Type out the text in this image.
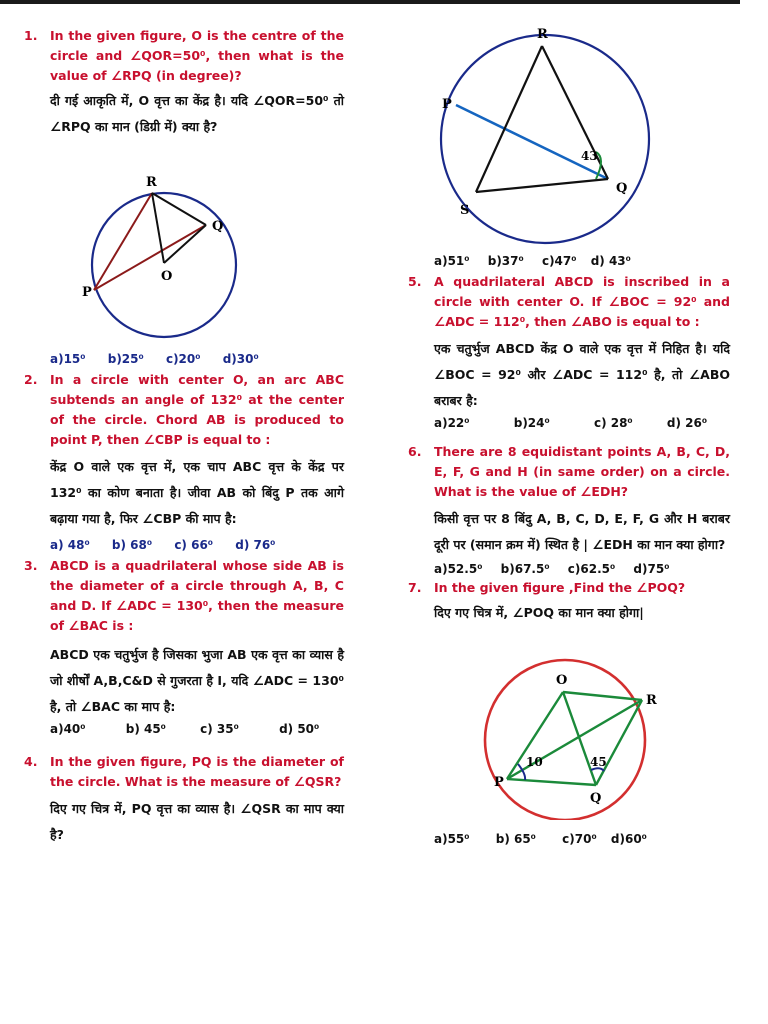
1.	In the given figure, O is the centre of the circle and ∠QOR=50⁰, then what is the value of ∠RPQ (in degree)?
दी गई आकृति में, O वृत्त का केंद्र है। यदि ∠QOR=50⁰ तो ∠RPQ का मान (डिग्री में) क्या है?
R
Q
O
P
a)15⁰ b)25⁰ c)20⁰ d)30⁰
2.	In a circle with center O, an arc ABC subtends an angle of 132⁰ at the center of the circle. Chord AB is produced to point P, then ∠CBP is equal to :
केंद्र O वाले एक वृत्त में, एक चाप ABC वृत्त के केंद्र पर 132⁰ का कोण बनाता है। जीवा AB को बिंदु P तक आगे बढ़ाया गया है, फिर ∠CBP की माप है:
a) 48⁰ b) 68⁰ c) 66⁰ d) 76⁰
3.	ABCD is a quadrilateral whose side AB is the diameter of a circle through A, B, C and D. If ∠ADC = 130⁰, then the measure of ∠BAC is :
ABCD एक चतुर्भुज है जिसका भुजा AB एक वृत्त का व्यास है जो शीर्षों A,B,C&D से गुजरता है I, यदि ∠ADC = 130⁰ है, तो ∠BAC का माप है:
a)40⁰	b) 45⁰	c) 35⁰	d) 50⁰
4.	In the given figure, PQ is the diameter of the circle. What is the measure of ∠QSR?
दिए गए चित्र में, PQ वृत्त का व्यास है। ∠QSR का माप क्या है?
43
R
P
Q
S
a)51⁰ b)37⁰ c)47⁰ d) 43⁰
5.	A quadrilateral ABCD is inscribed in a circle with center O. If ∠BOC = 92⁰ and ∠ADC = 112⁰, then ∠ABO is equal to :
एक चतुर्भुज ABCD केंद्र O वाले एक वृत्त में निहित है। यदि ∠BOC = 92⁰ और ∠ADC = 112⁰ है, तो ∠ABO बराबर है:
a)22⁰	b)24⁰	c) 28⁰	d) 26⁰
6.	There are 8 equidistant points A, B, C, D, E, F, G and H (in same order) on a circle. What is the value of ∠EDH?
किसी वृत्त पर 8 बिंदु A, B, C, D, E, F, G और H बराबर दूरी पर (समान क्रम में) स्थित है | ∠EDH का मान क्या होगा?
a)52.5⁰ b)67.5⁰ c)62.5⁰ d)75⁰
7.	In the given figure ,Find the ∠POQ?
दिए गए चित्र में, ∠POQ का मान क्या होगा|
10	45
O
R
P
Q
a)55⁰ b) 65⁰ c)70⁰ d)60⁰
